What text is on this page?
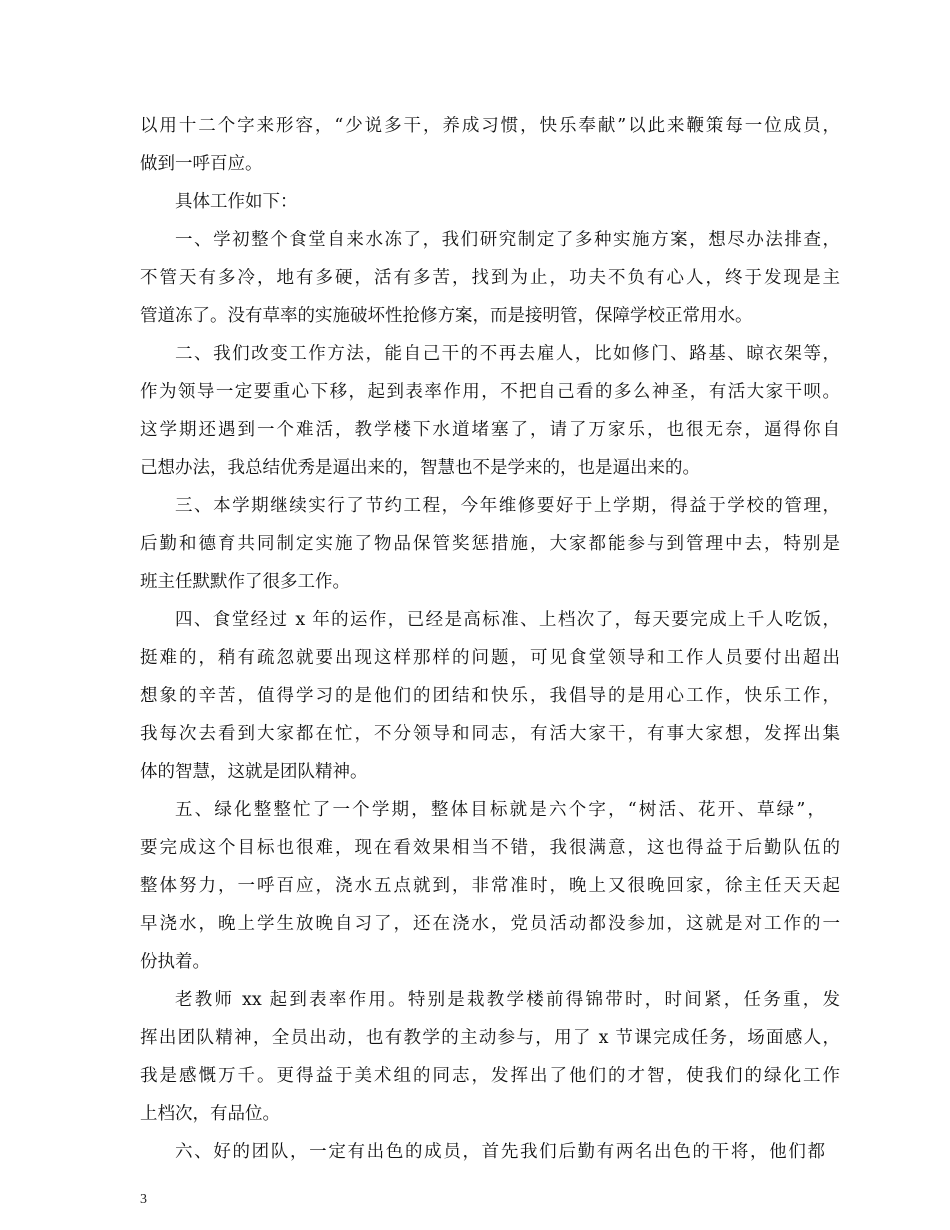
以用十二个字来形容，“少说多干，养成习惯，快乐奉献”以此来鞭策每一位成员，
做到一呼百应。
具体工作如下：
一、学初整个食堂自来水冻了，我们研究制定了多种实施方案，想尽办法排查，
不管天有多冷，地有多硬，活有多苦，找到为止，功夫不负有心人，终于发现是主
管道冻了。没有草率的实施破坏性抢修方案，而是接明管，保障学校正常用水。
二、我们改变工作方法，能自己干的不再去雇人，比如修门、路基、晾衣架等，
作为领导一定要重心下移，起到表率作用，不把自己看的多么神圣，有活大家干呗。
这学期还遇到一个难活，教学楼下水道堵塞了，请了万家乐，也很无奈，逼得你自
己想办法，我总结优秀是逼出来的，智慧也不是学来的，也是逼出来的。
三、本学期继续实行了节约工程，今年维修要好于上学期，得益于学校的管理，
后勤和德育共同制定实施了物品保管奖惩措施，大家都能参与到管理中去，特别是
班主任默默作了很多工作。
四、食堂经过 x 年的运作，已经是高标准、上档次了，每天要完成上千人吃饭，
挺难的，稍有疏忽就要出现这样那样的问题，可见食堂领导和工作人员要付出超出
想象的辛苦，值得学习的是他们的团结和快乐，我倡导的是用心工作，快乐工作，
我每次去看到大家都在忙，不分领导和同志，有活大家干，有事大家想，发挥出集
体的智慧，这就是团队精神。
五、绿化整整忙了一个学期，整体目标就是六个字，“树活、花开、草绿”，
要完成这个目标也很难，现在看效果相当不错，我很满意，这也得益于后勤队伍的
整体努力，一呼百应，浇水五点就到，非常准时，晚上又很晚回家，徐主任天天起
早浇水，晚上学生放晚自习了，还在浇水，党员活动都没参加，这就是对工作的一
份执着。
老教师 xx 起到表率作用。特别是栽教学楼前得锦带时，时间紧，任务重，发
挥出团队精神，全员出动，也有教学的主动参与，用了 x 节课完成任务，场面感人，
我是感慨万千。更得益于美术组的同志，发挥出了他们的才智，使我们的绿化工作
上档次，有品位。
六、好的团队，一定有出色的成员，首先我们后勤有两名出色的干将，他们都
3
